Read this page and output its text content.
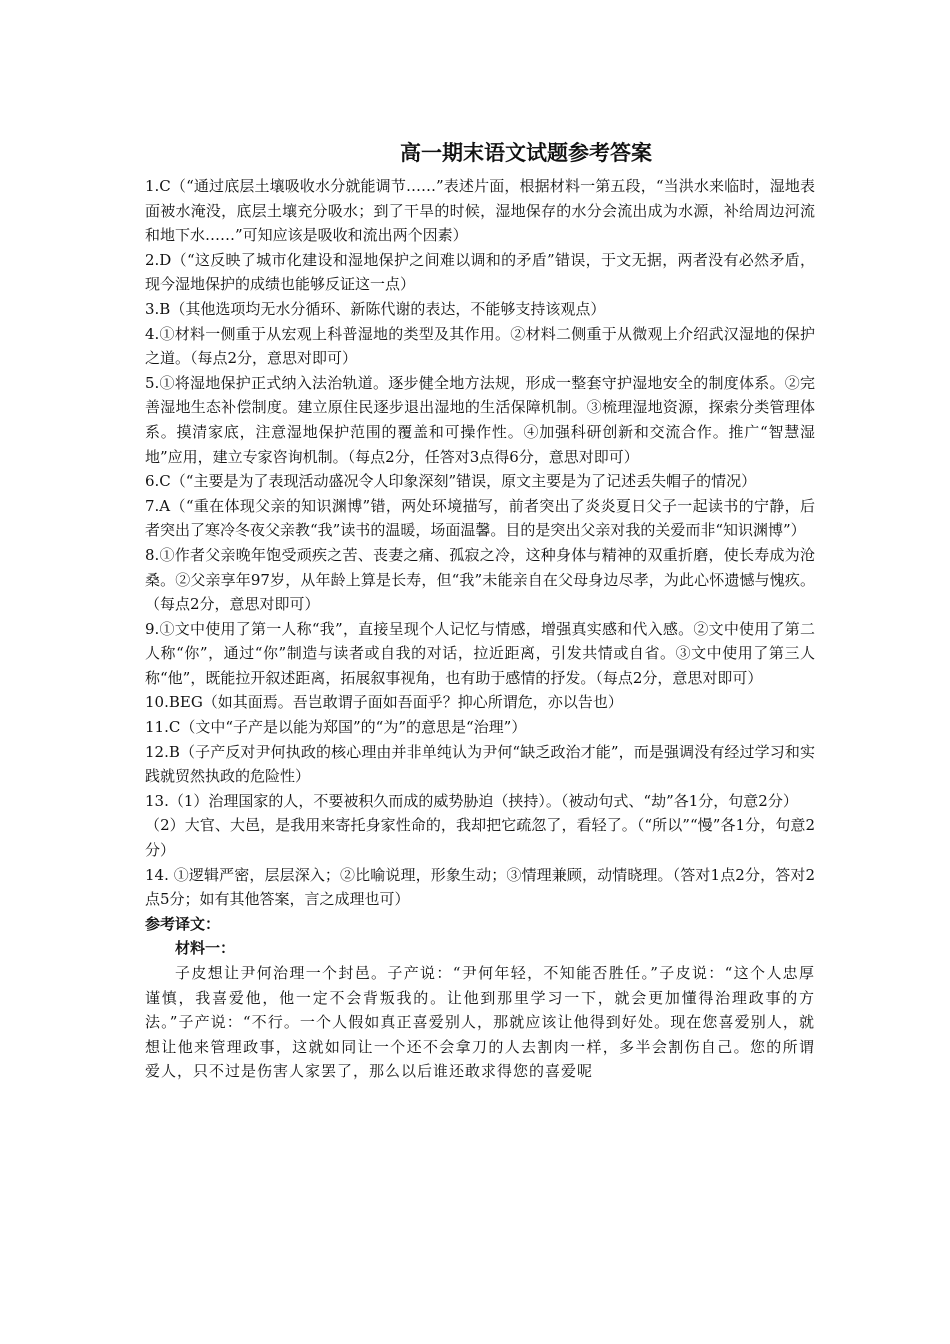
高一期末语文试题参考答案

1.C（“通过底层土壤吸收水分就能调节……”表述片面，根据材料一第五段，“当洪水来临时，湿地表面被水淹没，底层土壤充分吸水；到了干旱的时候，湿地保存的水分会流出成为水源，补给周边河流和地下水……”可知应该是吸收和流出两个因素）

2.D（“这反映了城市化建设和湿地保护之间难以调和的矛盾”错误，于文无据，两者没有必然矛盾，现今湿地保护的成绩也能够反证这一点）

3.B（其他选项均无水分循环、新陈代谢的表达，不能够支持该观点）

4.①材料一侧重于从宏观上科普湿地的类型及其作用。②材料二侧重于从微观上介绍武汉湿地的保护之道。（每点2分，意思对即可）

5.①将湿地保护正式纳入法治轨道。逐步健全地方法规，形成一整套守护湿地安全的制度体系。②完善湿地生态补偿制度。建立原住民逐步退出湿地的生活保障机制。③梳理湿地资源，探索分类管理体系。摸清家底，注意湿地保护范围的覆盖和可操作性。④加强科研创新和交流合作。推广“智慧湿地”应用，建立专家咨询机制。（每点2分，任答对3点得6分，意思对即可）

6.C（“主要是为了表现活动盛况令人印象深刻”错误，原文主要是为了记述丢失帽子的情况）

7.A（“重在体现父亲的知识渊博”错，两处环境描写，前者突出了炎炎夏日父子一起读书的宁静，后者突出了寒冷冬夜父亲教“我”读书的温暖，场面温馨。目的是突出父亲对我的关爱而非“知识渊博”）

8.①作者父亲晚年饱受顽疾之苦、丧妻之痛、孤寂之冷，这种身体与精神的双重折磨，使长寿成为沧桑。②父亲享年97岁，从年龄上算是长寿，但“我”未能亲自在父母身边尽孝，为此心怀遗憾与愧疚。（每点2分，意思对即可）

9.①文中使用了第一人称“我”，直接呈现个人记忆与情感，增强真实感和代入感。②文中使用了第二人称“你”，通过“你”制造与读者或自我的对话，拉近距离，引发共情或自省。③文中使用了第三人称“他”，既能拉开叙述距离，拓展叙事视角，也有助于感情的抒发。（每点2分，意思对即可）

10.BEG（如其面焉。吾岂敢谓子面如吾面乎？抑心所谓危，亦以告也）

11.C（文中“子产是以能为郑国”的“为”的意思是“治理”）

12.B（子产反对尹何执政的核心理由并非单纯认为尹何“缺乏政治才能”，而是强调没有经过学习和实践就贸然执政的危险性）

13.（1）治理国家的人，不要被积久而成的威势胁迫（挟持）。（被动句式、“劫”各1分，句意2分）

（2）大官、大邑，是我用来寄托身家性命的，我却把它疏忽了，看轻了。（“所以”“慢”各1分，句意2分）

14. ①逻辑严密，层层深入；②比喻说理，形象生动；③情理兼顾，动情晓理。（答对1点2分，答对2点5分；如有其他答案，言之成理也可）

参考译文：

材料一：

子皮想让尹何治理一个封邑。子产说：“尹何年轻，不知能否胜任。”子皮说：“这个人忠厚谨慎，我喜爱他，他一定不会背叛我的。让他到那里学习一下，就会更加懂得治理政事的方法。”子产说：“不行。一个人假如真正喜爱别人，那就应该让他得到好处。现在您喜爱别人，就想让他来管理政事，这就如同让一个还不会拿刀的人去割肉一样，多半会割伤自己。您的所谓爱人，只不过是伤害人家罢了，那么以后谁还敢求得您的喜爱呢
